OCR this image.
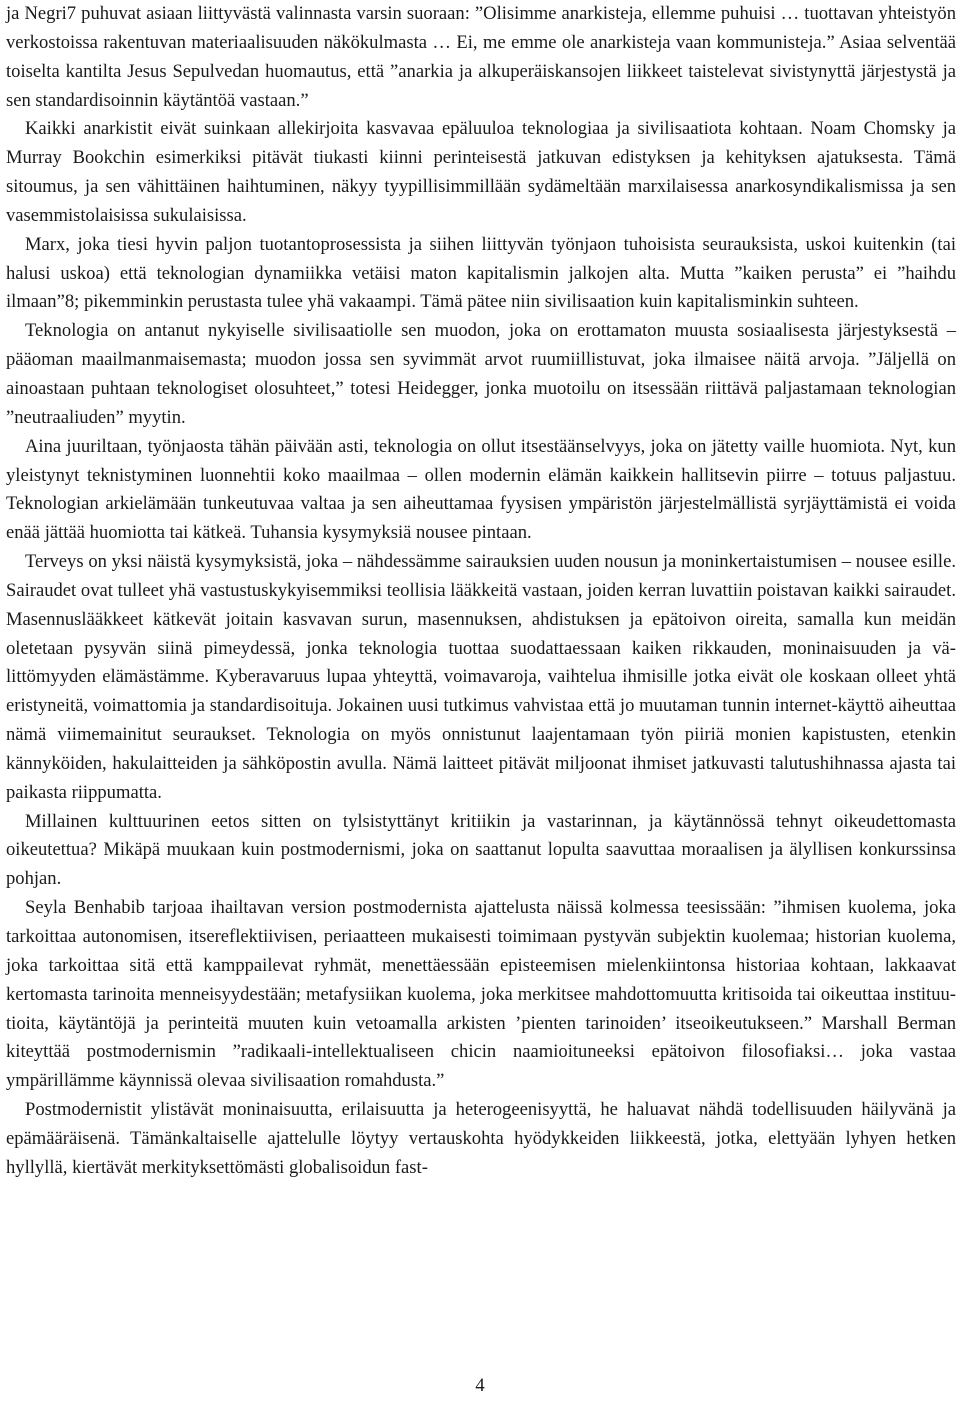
ja Negri7 puhuvat asiaan liittyvästä valinnasta varsin suoraan: ”Olisimme anarkisteja, ellemme puhuisi … tuottavan yhteistyön verkostoissa rakentuvan materiaalisuuden näkökulmasta … Ei, me emme ole anarkisteja vaan kommunisteja.” Asiaa selventää toiselta kantilta Jesus Sepulvedan huomautus, että ”anarkia ja alkuperäiskansojen liikkeet taistelevat sivistynyttä järjestystä ja sen standardisoinnin käytäntöä vastaan.”

Kaikki anarkistit eivät suinkaan allekirjoita kasvavaa epäluuloa teknologiaa ja sivilisaatiota kohtaan. Noam Chomsky ja Murray Bookchin esimerkiksi pitävät tiukasti kiinni perinteisestä jatkuvan edistyksen ja kehityksen ajatuksesta. Tämä sitoumus, ja sen vähittäinen haihtuminen, näkyy tyypillisimmillään sydämeltään marxilaisessa anarkosyndikalismissa ja sen vasemmistolaisissa sukulaisissa.

Marx, joka tiesi hyvin paljon tuotantoprosessista ja siihen liittyvän työnjaon tuhoisista seurauksista, uskoi kuitenkin (tai halusi uskoa) että teknologian dynamiikka vetäisi maton kapitalismin jalkojen alta. Mutta ”kaiken perusta” ei ”haihdu ilmaan”8; pikemminkin perustasta tulee yhä vakaampi. Tämä pätee niin sivilisaation kuin kapitalisminkin suhteen.

Teknologia on antanut nykyiselle sivilisaatiolle sen muodon, joka on erottamaton muusta sosiaalisesta järjestyksestä – pääoman maailmanmaisemasta; muodon jossa sen syvimmät arvot ruumiillistuvat, joka ilmaisee näitä arvoja. ”Jäljellä on ainoastaan puhtaan teknologiset olosuhteet,” totesi Heidegger, jonka muotoilu on itsessään riittävä paljastamaan teknologian ”neutraaliuden” myytin.

Aina juuriltaan, työnjaosta tähän päivään asti, teknologia on ollut itsestäänselvyys, joka on jätetty vaille huomiota. Nyt, kun yleistynyt teknistyminen luonnehtii koko maailmaa – ollen modernin elämän kaikkein hallitsevin piirre – totuus paljastuu. Teknologian arkielämään tunkeutuvaa valtaa ja sen aiheuttamaa fyysisen ympäristön järjestelmällistä syrjäyttämistä ei voida enää jättää huomiotta tai kätkeä. Tuhansia kysymyksiä nousee pintaan.

Terveys on yksi näistä kysymyksistä, joka – nähdessämme sairauksien uuden nousun ja moninkertaistumisen – nousee esille. Sairaudet ovat tulleet yhä vastustuskykyisemmiksi teollisia lääkkeitä vastaan, joiden kerran luvattiin poistavan kaikki sairaudet. Masennuslääkkeet kätkevät joitain kasvavan surun, masennuksen, ahdistuksen ja epätoivon oireita, samalla kun meidän oletetaan pysyvän siinä pimeydessä, jonka teknologia tuottaa suodattaessaan kaiken rikkauden, moninaisuuden ja välittömyyden elämästämme. Kyberavaruus lupaa yhteyttä, voimavaroja, vaihtelua ihmisille jotka eivät ole koskaan olleet yhtä eristyneitä, voimattomia ja standardisoituja. Jokainen uusi tutkimus vahvistaa että jo muutaman tunnin internet-käyttö aiheuttaa nämä viimemainitut seuraukset. Teknologia on myös onnistunut laajentamaan työn piiriä monien kapistusten, etenkin kännyköiden, hakulaitteiden ja sähköpostin avulla. Nämä laitteet pitävät miljoonat ihmiset jatkuvasti talutushihnassa ajasta tai paikasta riippumatta.

Millainen kulttuurinen eetos sitten on tylsistyttänyt kritiikin ja vastarinnan, ja käytännössä tehnyt oikeudettomasta oikeutettua? Mikäpä muukaan kuin postmodernismi, joka on saattanut lopulta saavuttaa moraalisen ja älyllisen konkurssinsa pohjan.

Seyla Benhabib tarjoaa ihailtavan version postmodernista ajattelusta näissä kolmessa teesissään: ”ihmisen kuolema, joka tarkoittaa autonomisen, itsereflektiivisen, periaatteen mukaisesti toimimaan pystyvän subjektin kuolemaa; historian kuolema, joka tarkoittaa sitä että kamppailevat ryhmät, menettäessään episteemisen mielenkiintonsa historiaa kohtaan, lakkaavat kertomasta tarinoita menneisyydestään; metafysiikan kuolema, joka merkitsee mahdottomuutta kritisoida tai oikeuttaa instituutioita, käytäntöjä ja perinteitä muuten kuin vetoamalla arkisten ’pienten tarinoiden’ itseoikeutukseen.” Marshall Berman kiteyttää postmodernismin ”radikaali-intellektualiseen chicin naamioituneeksi epätoivon filosofiaksi… joka vastaa ympärillämme käynnissä olevaa sivilisaation romahdusta.”

Postmodernistit ylistävät moninaisuutta, erilaisuutta ja heterogeenisyyttä, he haluavat nähdä todellisuuden häilyvänä ja epämääräisenä. Tämänkaltaiselle ajattelulle löytyy vertauskohta hyödykkeiden liikkeestä, jotka, elettyään lyhyen hetken hyllyllä, kiertävät merkityksettömästi globalisoidun fast-

4
